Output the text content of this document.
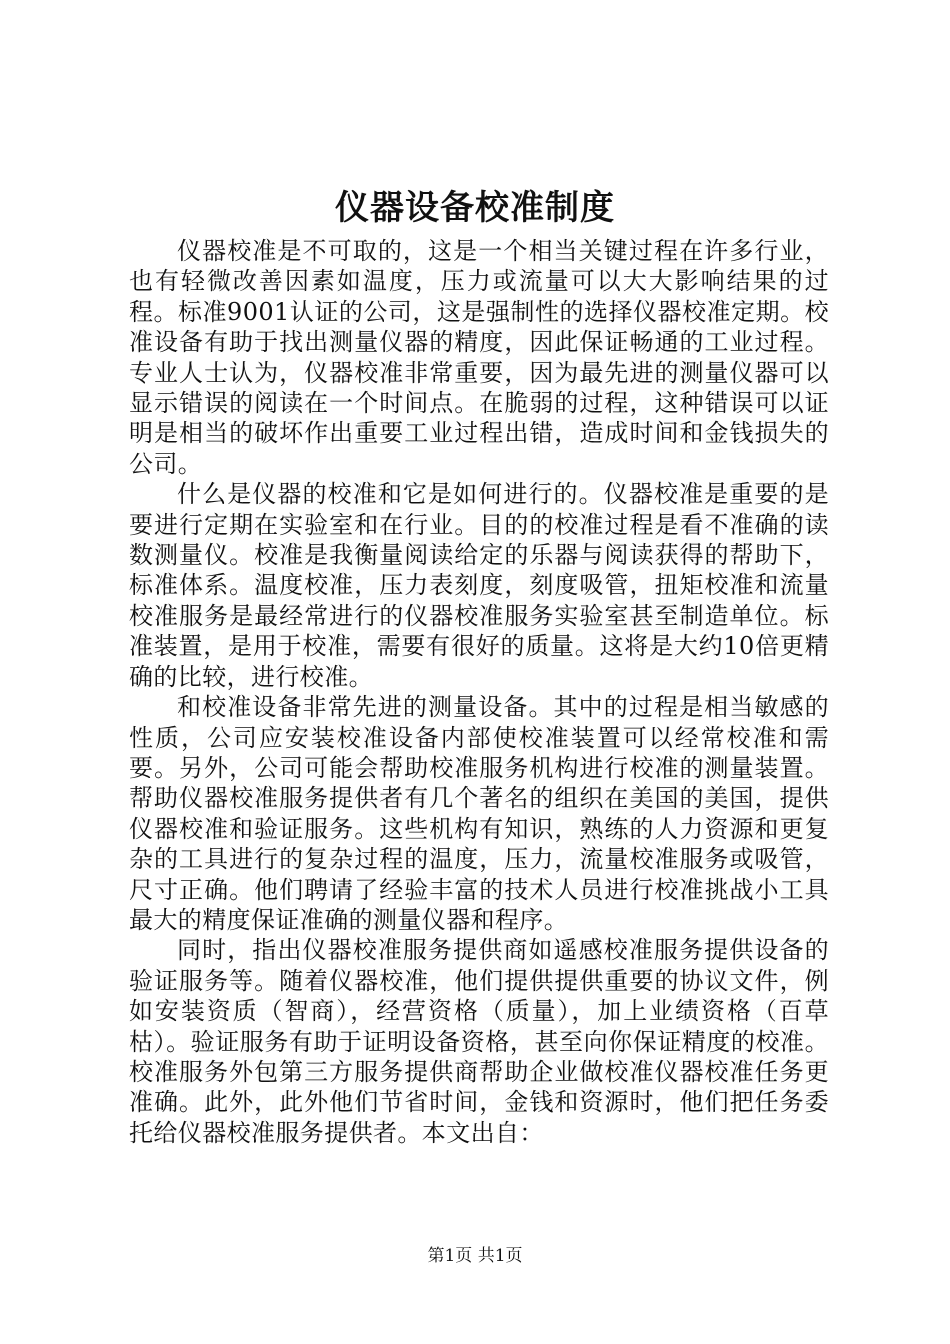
仪器设备校准制度

仪器校准是不可取的，这是一个相当关键过程在许多行业，也有轻微改善因素如温度，压力或流量可以大大影响结果的过程。标准9001认证的公司，这是强制性的选择仪器校准定期。校准设备有助于找出测量仪器的精度，因此保证畅通的工业过程。专业人士认为，仪器校准非常重要，因为最先进的测量仪器可以显示错误的阅读在一个时间点。在脆弱的过程，这种错误可以证明是相当的破坏作出重要工业过程出错，造成时间和金钱损失的公司。

什么是仪器的校准和它是如何进行的。仪器校准是重要的是要进行定期在实验室和在行业。目的的校准过程是看不准确的读数测量仪。校准是我衡量阅读给定的乐器与阅读获得的帮助下，标准体系。温度校准，压力表刻度，刻度吸管，扭矩校准和流量校准服务是最经常进行的仪器校准服务实验室甚至制造单位。标准装置，是用于校准，需要有很好的质量。这将是大约10倍更精确的比较，进行校准。

和校准设备非常先进的测量设备。其中的过程是相当敏感的性质，公司应安装校准设备内部使校准装置可以经常校准和需要。另外，公司可能会帮助校准服务机构进行校准的测量装置。帮助仪器校准服务提供者有几个著名的组织在美国的美国，提供仪器校准和验证服务。这些机构有知识，熟练的人力资源和更复杂的工具进行的复杂过程的温度，压力，流量校准服务或吸管，尺寸正确。他们聘请了经验丰富的技术人员进行校准挑战小工具最大的精度保证准确的测量仪器和程序。

同时，指出仪器校准服务提供商如遥感校准服务提供设备的验证服务等。随着仪器校准，他们提供提供重要的协议文件，例如安装资质（智商），经营资格（质量），加上业绩资格（百草枯）。验证服务有助于证明设备资格，甚至向你保证精度的校准。校准服务外包第三方服务提供商帮助企业做校准仪器校准任务更准确。此外，此外他们节省时间，金钱和资源时，他们把任务委托给仪器校准服务提供者。本文出自：

第1页 共1页
